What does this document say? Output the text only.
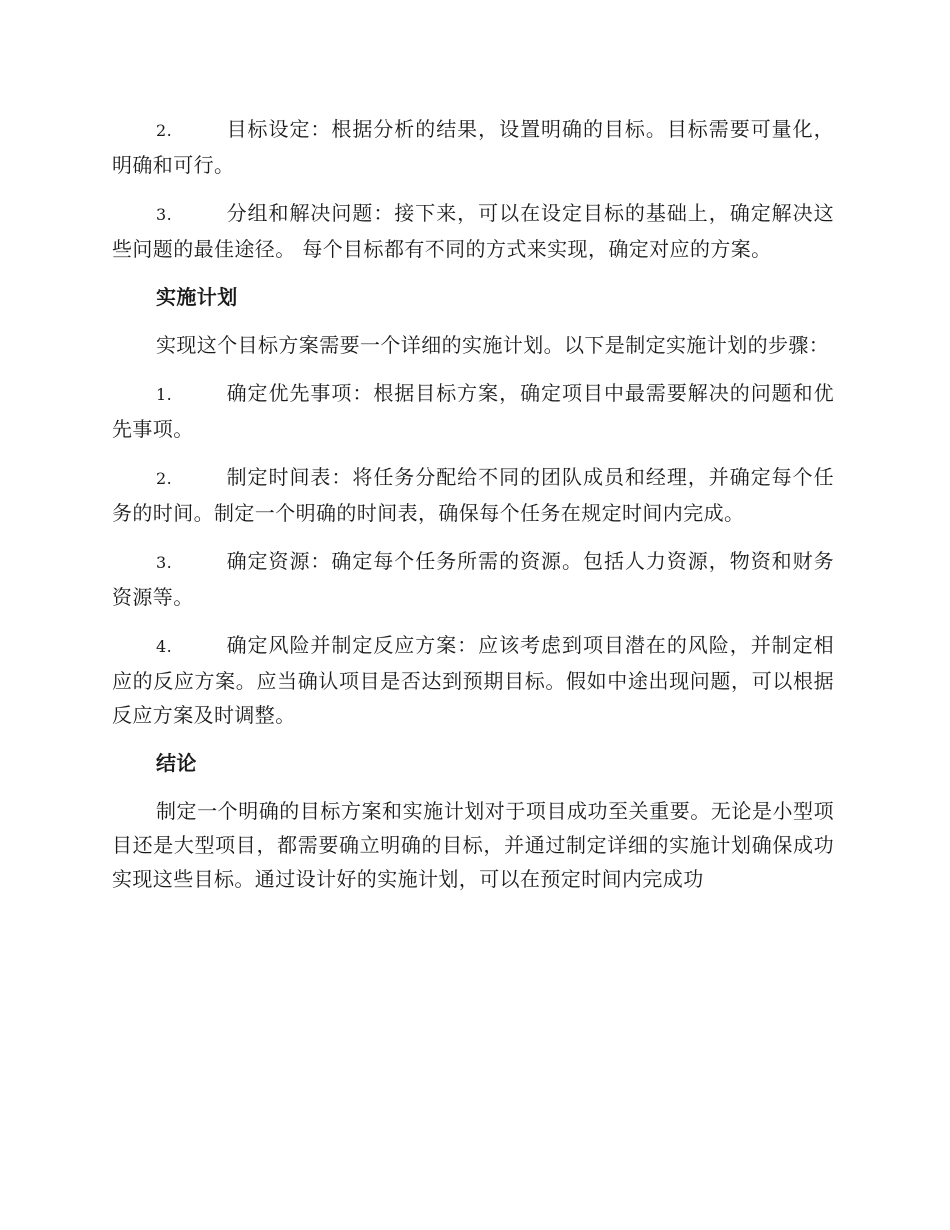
2.	目标设定：根据分析的结果，设置明确的目标。目标需要可量化，明确和可行。

3.	分组和解决问题：接下来，可以在设定目标的基础上，确定解决这些问题的最佳途径。 每个目标都有不同的方式来实现，确定对应的方案。

实施计划

实现这个目标方案需要一个详细的实施计划。以下是制定实施计划的步骤：

1.	确定优先事项：根据目标方案，确定项目中最需要解决的问题和优先事项。

2.	制定时间表：将任务分配给不同的团队成员和经理，并确定每个任务的时间。制定一个明确的时间表，确保每个任务在规定时间内完成。

3.	确定资源：确定每个任务所需的资源。包括人力资源，物资和财务资源等。

4.	确定风险并制定反应方案：应该考虑到项目潜在的风险，并制定相应的反应方案。应当确认项目是否达到预期目标。假如中途出现问题，可以根据反应方案及时调整。

结论

制定一个明确的目标方案和实施计划对于项目成功至关重要。无论是小型项目还是大型项目，都需要确立明确的目标，并通过制定详细的实施计划确保成功实现这些目标。通过设计好的实施计划，可以在预定时间内完成功
